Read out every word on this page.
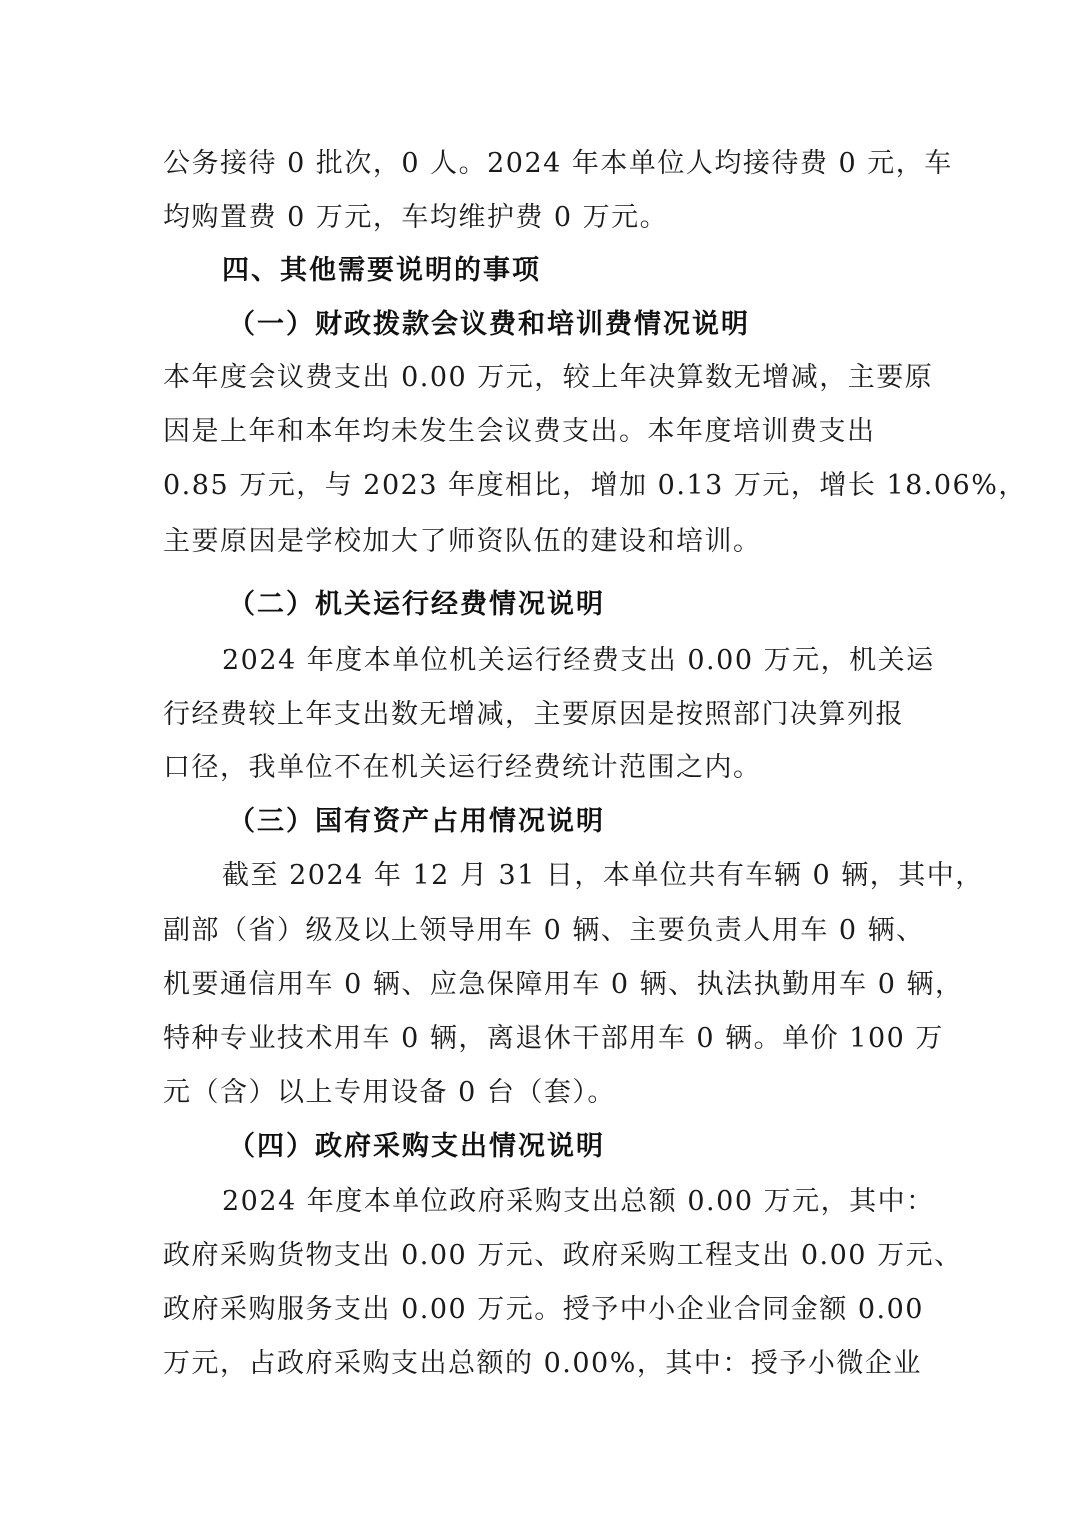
公务接待 0 批次，0 人。2024 年本单位人均接待费 0 元，车
均购置费 0 万元，车均维护费 0 万元。
四、其他需要说明的事项
（一）财政拨款会议费和培训费情况说明
本年度会议费支出 0.00 万元，较上年决算数无增减，主要原
因是上年和本年均未发生会议费支出。本年度培训费支出
0.85 万元，与 2023 年度相比，增加 0.13 万元，增长 18.06%，
主要原因是学校加大了师资队伍的建设和培训。
（二）机关运行经费情况说明
2024 年度本单位机关运行经费支出 0.00 万元，机关运
行经费较上年支出数无增减，主要原因是按照部门决算列报
口径，我单位不在机关运行经费统计范围之内。
（三）国有资产占用情况说明
截至 2024 年 12 月 31 日，本单位共有车辆 0 辆，其中，
副部（省）级及以上领导用车 0 辆、主要负责人用车 0 辆、
机要通信用车 0 辆、应急保障用车 0 辆、执法执勤用车 0 辆，
特种专业技术用车 0 辆，离退休干部用车 0 辆。单价 100 万
元（含）以上专用设备 0 台（套）。
（四）政府采购支出情况说明
2024 年度本单位政府采购支出总额 0.00 万元，其中：
政府采购货物支出 0.00 万元、政府采购工程支出 0.00 万元、
政府采购服务支出 0.00 万元。授予中小企业合同金额 0.00
万元，占政府采购支出总额的 0.00%，其中：授予小微企业
